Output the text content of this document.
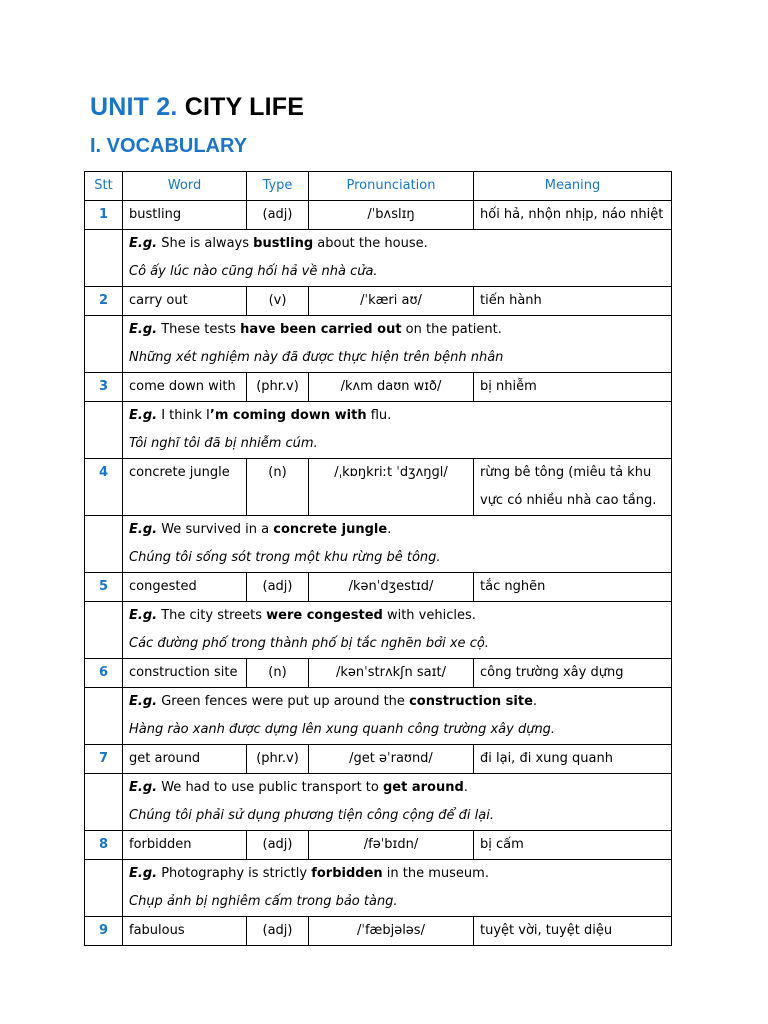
UNIT 2. CITY LIFE
I. VOCABULARY
Stt	Word	Type	Pronunciation	Meaning
1	bustling	(adj)	/ˈbʌslɪŋ	hối hả, nhộn nhịp, náo nhiệt

	E.g. She is always bustling about the house.
Cô ấy lúc nào cũng hối hả về nhà cửa.			

2	carry out	(v)	/ˈkæri aʊ/	tiến hành

	E.g. These tests have been carried out on the patient.
Những xét nghiệm này đã được thực hiện trên bệnh nhân			

3	come down with	(phr.v)	/kʌm daʊn wɪð/	bị nhiễm

	E.g. I think I’m coming down with flu.
Tôi nghĩ tôi đã bị nhiễm cúm.			

4	concrete jungle	(n)	/ˌkɒŋkriːt ˈdʒʌŋɡl/	rừng bê tông (miêu tả khu vực có nhiều nhà cao tầng.

	E.g. We survived in a concrete jungle.
Chúng tôi sống sót trong một khu rừng bê tông.			

5	congested	(adj)	/kənˈdʒestɪd/	tắc nghẽn

	E.g. The city streets were congested with vehicles.
Các đường phố trong thành phố bị tắc nghẽn bởi xe cộ.			

6	construction site	(n)	/kənˈstrʌkʃn saɪt/	công trường xây dựng

	E.g. Green fences were put up around the construction site.
Hàng rào xanh được dựng lên xung quanh công trường xây dựng.			

7	get around	(phr.v)	/get əˈraʊnd/	đi lại, đi xung quanh

	E.g. We had to use public transport to get around.
Chúng tôi phải sử dụng phương tiện công cộng để đi lại.			

8	forbidden	(adj)	/fəˈbɪdn/	bị cấm

	E.g. Photography is strictly forbidden in the museum.
Chụp ảnh bị nghiêm cấm trong bảo tàng.			

9	fabulous	(adj)	/ˈfæbjələs/	tuyệt vời, tuyệt diệu
